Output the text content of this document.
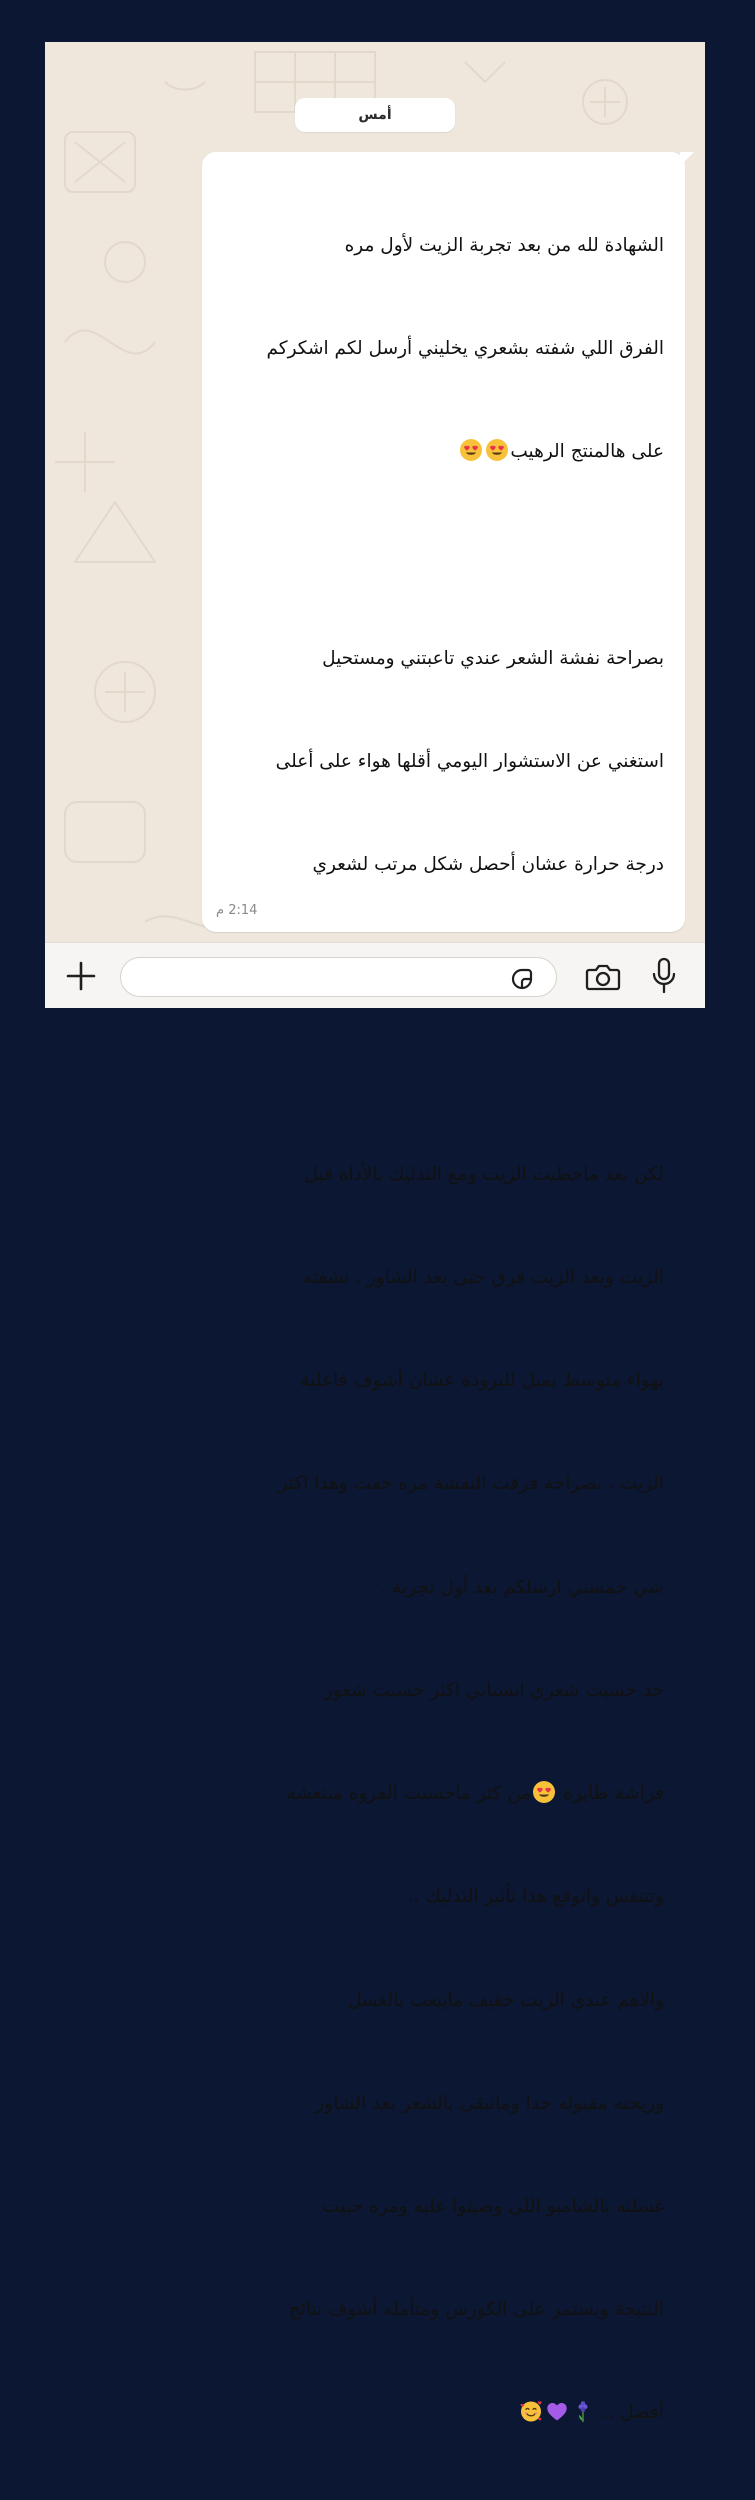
أمس

الشهادة لله من بعد تجربة الزيت لأول مره

الفرق اللي شفته بشعري يخليني أرسل لكم اشكركم

على هالمنتج الرهيب

بصراحة نفشة الشعر عندي تاعبتني ومستحيل

استغني عن الاستشوار اليومي أقلها هواء على أعلى

درجة حرارة عشان أحصل شكل مرتب لشعري

لكن بعد ماحطيت الزيت ومع التدليك بالأداة قبل

الزيت وبعد الزيت فرق حتى بعد الشاور ، نشفته

بهواء متوسط يميل للبرودة عشان أشوف فاعلية

الزيت ، بصراحة فرقت النفشة مره خفت وهذا اكثر

شي حمسني ارسلكم بعد أول تجربة .

جد حسيت شعري انسيابي اكثر حسيت شعور

فراشة طايرة من كثر ماحسيت الفروة منتعشه

وتتنفس واتوقع هذا تأثير التدليك ..

والاهم عندي الزيت خفيف مايتعب بالغسل

وريحته مقبوله جدا وماتبقى بالشعر بعد الشاور

غسلته بالشامبو اللي وصيتوا عليه ومره حبيت

النتيجة وبستمر على الكورس ومتأمله أشوف نتائج

أفضل ..

2:14 م
